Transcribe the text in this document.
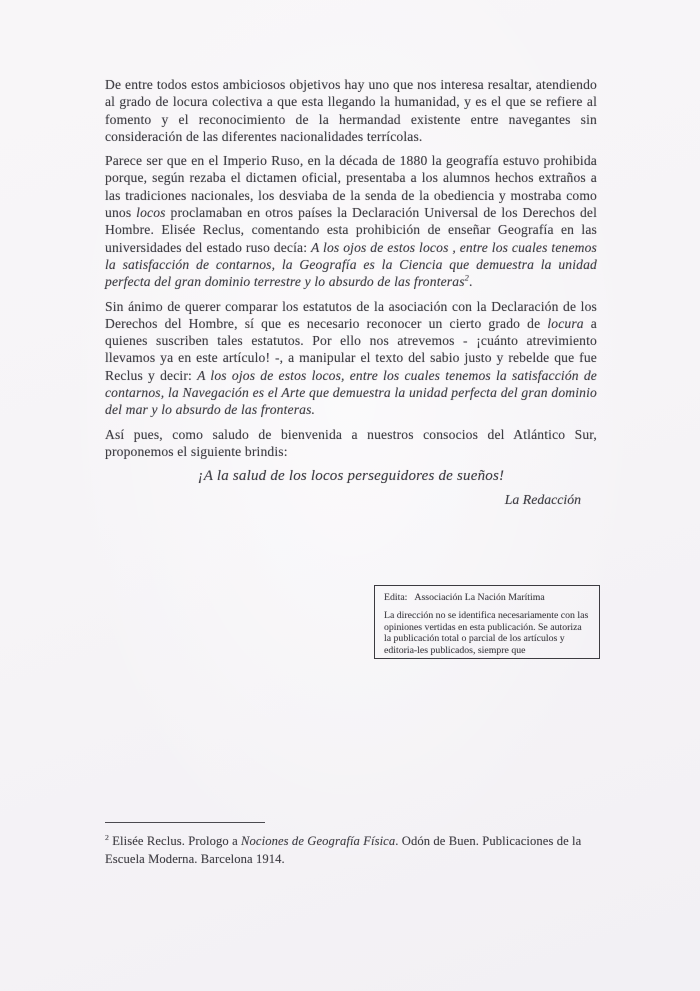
De entre todos estos ambiciosos objetivos hay uno que nos interesa resaltar, atendiendo al grado de locura colectiva a que esta llegando la humanidad, y es el que se refiere al fomento y el reconocimiento de la hermandad existente entre navegantes sin consideración de las diferentes nacionalidades terrícolas.

Parece ser que en el Imperio Ruso, en la década de 1880 la geografía estuvo prohibida porque, según rezaba el dictamen oficial, presentaba a los alumnos hechos extraños a las tradiciones nacionales, los desviaba de la senda de la obediencia y mostraba como unos locos proclamaban en otros países la Declaración Universal de los Derechos del Hombre. Elisée Reclus, comentando esta prohibición de enseñar Geografía en las universidades del estado ruso decía: A los ojos de estos locos , entre los cuales tenemos la satisfacción de contarnos, la Geografía es la Ciencia que demuestra la unidad perfecta del gran dominio terrestre y lo absurdo de las fronteras$^2$.

Sin ánimo de querer comparar los estatutos de la asociación con la Declaración de los Derechos del Hombre, sí que es necesario reconocer un cierto grado de locura a quienes suscriben tales estatutos. Por ello nos atrevemos - ¡cuánto atrevimiento llevamos ya en este artículo! -, a manipular el texto del sabio justo y rebelde que fue Reclus y decir: A los ojos de estos locos, entre los cuales tenemos la satisfacción de contarnos, la Navegación es el Arte que demuestra la unidad perfecta del gran dominio del mar y lo absurdo de las fronteras.

Así pues, como saludo de bienvenida a nuestros consocios del Atlántico Sur, proponemos el siguiente brindis:

¡A la salud de los locos perseguidores de sueños!
La Redacción
Edita: Associación La Nación Marítima
La dirección no se identifica necesariamente con las opiniones vertidas en esta publicación. Se autoriza la publicación total o parcial de los artículos y editoria-les publicados, siempre que
$^2$ Elisée Reclus. Prologo a Nociones de Geografía Física. Odón de Buen. Publicaciones de la Escuela Moderna. Barcelona 1914.
